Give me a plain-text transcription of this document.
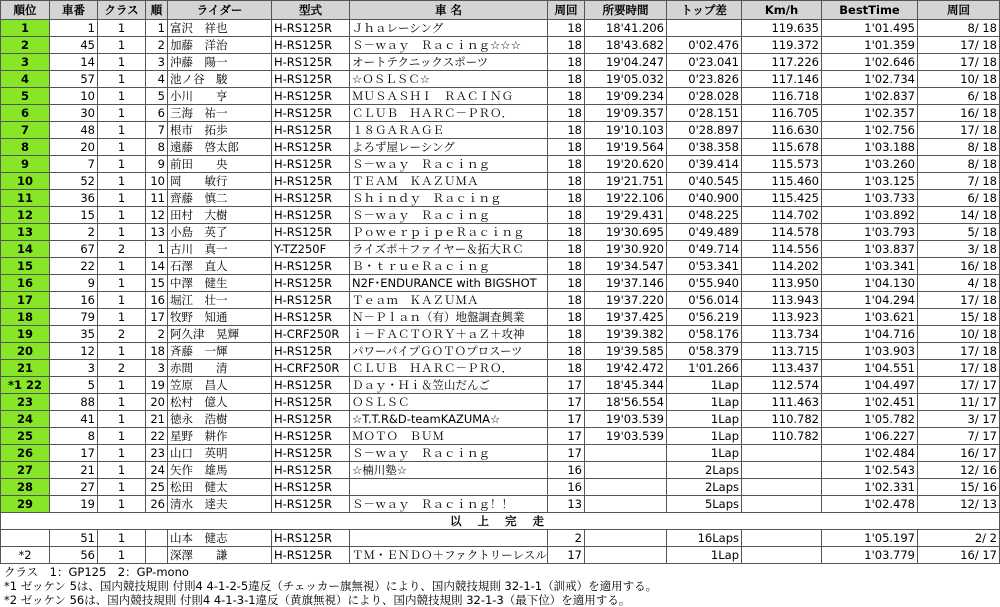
順位	車番	クラス	順	ライダー	型式	車 名	周回	所要時間	トップ差	Km/h	BestTime	周回
1	1	1	1	富沢　祥也	H-RS125R	Ｊｈａレーシング	18	18'41.206		119.635	1'01.495	8/ 18
2	45	1	2	加藤　洋治	H-RS125R	Ｓ－ｗａｙ　Ｒａｃｉｎｇ☆☆☆	18	18'43.682	0'02.476	119.372	1'01.359	17/ 18
3	14	1	3	沖藤　陽一	H-RS125R	オートテクニックスポーツ	18	19'04.247	0'23.041	117.226	1'02.646	17/ 18
4	57	1	4	池ノ谷　駿	H-RS125R	☆ＯＳＬＳＣ☆	18	19'05.032	0'23.826	117.146	1'02.734	10/ 18
5	10	1	5	小川　　亨	H-RS125R	ＭＵＳＡＳＨＩ　ＲＡＣＩＮＧ	18	19'09.234	0'28.028	116.718	1'02.837	6/ 18
6	30	1	6	三海　祐一	H-RS125R	ＣＬＵＢ　ＨＡＲＣ－ＰＲＯ．	18	19'09.357	0'28.151	116.705	1'02.357	16/ 18
7	48	1	7	根市　拓歩	H-RS125R	１８ＧＡＲＡＧＥ	18	19'10.103	0'28.897	116.630	1'02.756	17/ 18
8	20	1	8	遠藤　啓太郎	H-RS125R	よろず屋レーシング	18	19'19.564	0'38.358	115.678	1'03.188	8/ 18
9	7	1	9	前田　　央	H-RS125R	Ｓ－ｗａｙ　Ｒａｃｉｎｇ	18	19'20.620	0'39.414	115.573	1'03.260	8/ 18
10	52	1	10	岡　　敏行	H-RS125R	ＴＥＡＭ　ＫＡＺＵＭＡ	18	19'21.751	0'40.545	115.460	1'03.125	7/ 18
11	36	1	11	齊藤　慎二	H-RS125R	Ｓｈｉｎｄｙ　Ｒａｃｉｎｇ	18	19'22.106	0'40.900	115.425	1'03.733	6/ 18
12	15	1	12	田村　大樹	H-RS125R	Ｓ－ｗａｙ　Ｒａｃｉｎｇ	18	19'29.431	0'48.225	114.702	1'03.892	14/ 18
13	2	1	13	小島　英了	H-RS125R	ＰｏｗｅｒｐｉｐｅＲａｃｉｎｇ	18	19'30.695	0'49.489	114.578	1'03.793	5/ 18
14	67	2	1	古川　真一	Y-TZ250F	ライズポ＋ファイヤー＆拓大ＲＣ	18	19'30.920	0'49.714	114.556	1'03.837	3/ 18
15	22	1	14	石澤　直人	H-RS125R	Ｂ・ｔｒｕｅＲａｃｉｎｇ	18	19'34.547	0'53.341	114.202	1'03.341	16/ 18
16	9	1	15	中澤　健生	H-RS125R	N2F･ENDURANCE with BIGSHOT	18	19'37.146	0'55.940	113.950	1'04.130	4/ 18
17	16	1	16	堀江　壮一	H-RS125R	Ｔｅａｍ　ＫＡＺＵＭＡ	18	19'37.220	0'56.014	113.943	1'04.294	17/ 18
18	79	1	17	牧野　知通	H-RS125R	Ｎ－Ｐｌａｎ（有）地盤調査興業	18	19'37.425	0'56.219	113.923	1'03.621	15/ 18
19	35	2	2	阿久津　晃輝	H-CRF250R	ｉ－ＦＡＣＴＯＲＹ＋ａＺ＋攻神	18	19'39.382	0'58.176	113.734	1'04.716	10/ 18
20	12	1	18	斉藤　一輝	H-RS125R	パワーパイプＧＯＴＯプロスーツ	18	19'39.585	0'58.379	113.715	1'03.903	17/ 18
21	3	2	3	赤間　　清	H-CRF250R	ＣＬＵＢ　ＨＡＲＣ－ＰＲＯ．	18	19'42.472	1'01.266	113.437	1'04.551	17/ 18
*1 22	5	1	19	笠原　昌人	H-RS125R	Ｄａｙ・Ｈｉ＆笠山だんご	17	18'45.344	1Lap	112.574	1'04.497	17/ 17
23	88	1	20	松村　億人	H-RS125R	ＯＳＬＳＣ	17	18'56.554	1Lap	111.463	1'02.451	11/ 17
24	41	1	21	徳永　浩樹	H-RS125R	☆T.T.R&D-teamKAZUMA☆	17	19'03.539	1Lap	110.782	1'05.782	3/ 17
25	8	1	22	星野　耕作	H-RS125R	ＭＯＴＯ　ＢＵＭ	17	19'03.539	1Lap	110.782	1'06.227	7/ 17
26	17	1	23	山口　英明	H-RS125R	Ｓ－ｗａｙ　Ｒａｃｉｎｇ	17		1Lap		1'02.484	16/ 17
27	21	1	24	矢作　雄馬	H-RS125R	☆楠川塾☆	16		2Laps		1'02.543	12/ 16
28	27	1	25	松田　健太	H-RS125R		16		2Laps		1'02.331	15/ 16
29	19	1	26	清水　達夫	H-RS125R	Ｓ－ｗａｙ　Ｒａｃｉｎｇ！！	13		5Laps		1'02.478	12/ 13
以 上 完 走												
	51	1		山本　健志	H-RS125R		2		16Laps		1'05.197	2/ 2
*2	56	1		深澤　　謙	H-RS125R	ＴＭ・ＥＮＤＯ＋ファクトリーレスル	17		1Lap		1'03.779	16/ 17
クラス　1：GP125　2：GP-mono
*1 ゼッケン 5は、国内競技規則 付則4 4-1-2-5違反（チェッカー旗無視）により、国内競技規則 32-1-1（訓戒）を適用する。
*2 ゼッケン 56は、国内競技規則 付則4 4-1-3-1違反（黄旗無視）により、国内競技規則 32-1-3（最下位）を適用する。
